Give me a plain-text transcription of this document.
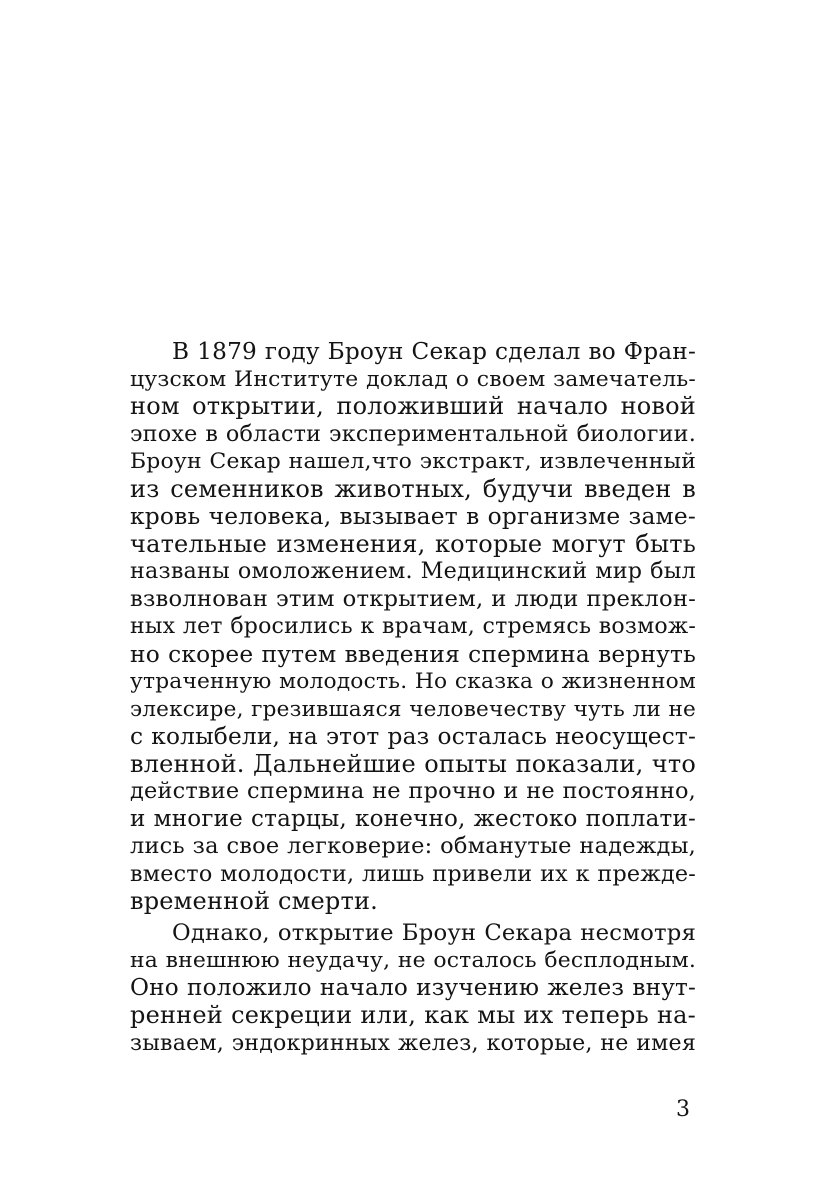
В 1879 году Броун Секар сделал во Фран-
цузском Институте доклад о своем замечатель-
ном открытии, положивший начало новой
эпохе в области экспериментальной биологии.
Броун Секар нашел,что экстракт, извлеченный
из семенников животных, будучи введен в
кровь человека, вызывает в организме заме-
чательные изменения, которые могут быть
названы омоложением. Медицинский мир был
взволнован этим открытием, и люди преклон-
ных лет бросились к врачам, стремясь возмож-
но скорее путем введения спермина вернуть
утраченную молодость. Но сказка о жизненном
элексире, грезившаяся человечеству чуть ли не
с колыбели, на этот раз осталась неосущест-
вленной. Дальнейшие опыты показали, что
действие спермина не прочно и не постоянно,
и многие старцы, конечно, жестоко поплати-
лись за свое легковерие: обманутые надежды,
вместо молодости, лишь привели их к прежде-
временной смерти.
Однако, открытие Броун Секара несмотря
на внешнюю неудачу, не осталось бесплодным.
Оно положило начало изучению желез внут-
ренней секреции или, как мы их теперь на-
зываем, эндокринных желез, которые, не имея
3
